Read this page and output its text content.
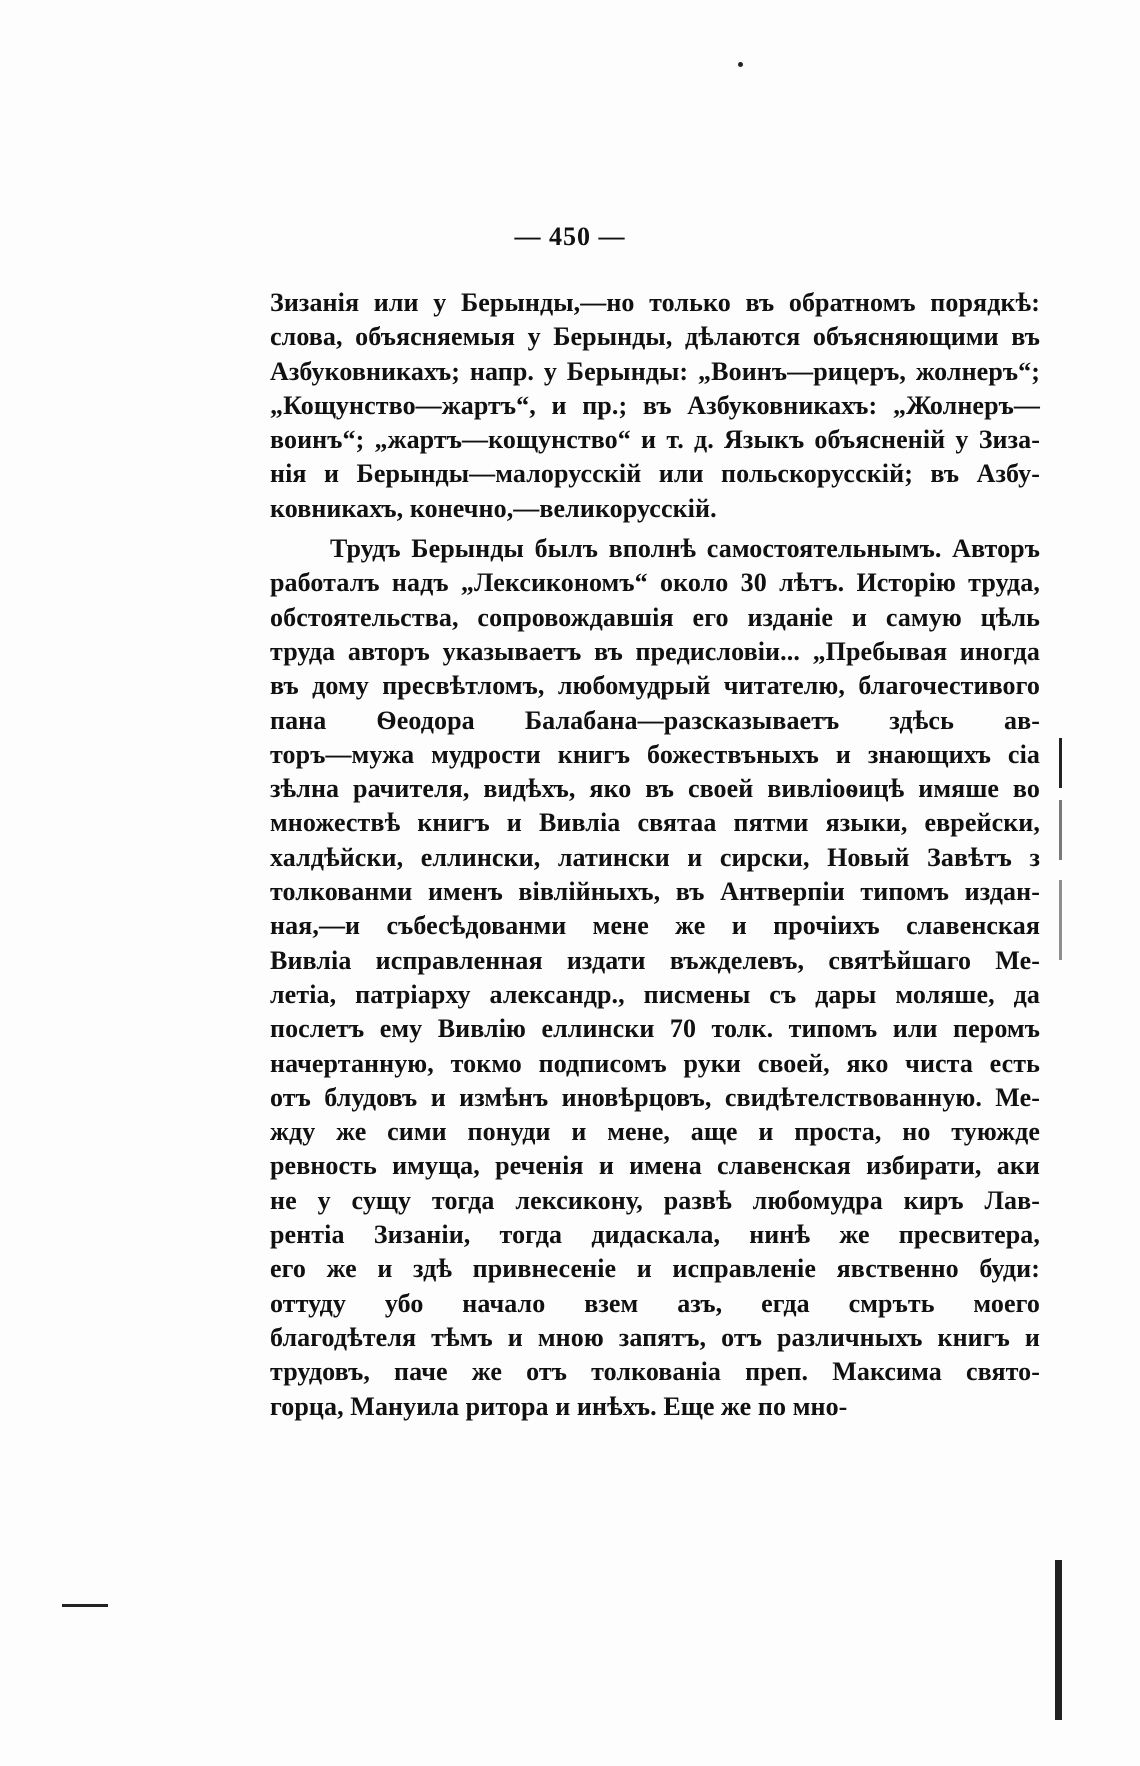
— 450 —
Зизанія или у Берынды,—но только въ обратномъ порядкѣ:
слова, объясняемыя у Берынды, дѣлаются объясняющими въ
Азбуковникахъ; напр. у Берынды: „Воинъ—рицеръ, жолнеръ“;
„Кощунство—жартъ“, и пр.; въ Азбуковникахъ: „Жолнеръ—
воинъ“; „жартъ—кощунство“ и т. д. Языкъ объясненій у Зиза-
нія и Берынды—малорусскій или польскорусскій; въ Азбу-
ковникахъ, конечно,—великорусскій.
Трудъ Берынды былъ вполнѣ самостоятельнымъ. Авторъ
работалъ надъ „Лексикономъ“ около 30 лѣтъ. Исторію труда,
обстоятельства, сопровождавшія его изданіе и самую цѣль
труда авторъ указываетъ въ предисловіи... „Пребывая иногда
въ дому пресвѣтломъ, любомудрый читателю, благочестивого
пана Ѳеодора Балабана—разсказываетъ здѣсь ав-
торъ—мужа мудрости книгъ божествъныхъ и знающихъ сіа
зѣлна рачителя, видѣхъ, яко въ своей вивліоѳицѣ имяше во
множествѣ книгъ и Вивліа святаа пятми языки, еврейски,
халдѣйски, еллински, латински и сирски, Новый Завѣтъ з
толкованми именъ вівлійныхъ, въ Антверпіи типомъ издан-
ная,—и събесѣдованми мене же и прочіихъ славенская
Вивліа исправленная издати въжделевъ, святѣйшаго Ме-
летіа, патріарху александр., писмены съ дары моляше, да
послетъ ему Вивлію еллински 70 толк. типомъ или перомъ
начертанную, токмо подписомъ руки своей, яко чиста есть
отъ блудовъ и измѣнъ иновѣрцовъ, свидѣтелствованную. Ме-
жду же сими понуди и мене, аще и проста, но туюжде
ревность имуща, реченія и имена славенская избирати, аки
не у сущу тогда лексикону, развѣ любомудра киръ Лав-
рентіа Зизаніи, тогда дидаскала, нинѣ же пресвитера,
его же и здѣ привнесеніе и исправленіе явственно буди:
оттуду убо начало взем азъ, егда смръть моего
благодѣтеля тѣмъ и мною запятъ, отъ различныхъ книгъ и
трудовъ, паче же отъ толкованіа преп. Максима свято-
горца, Мануила ритора и инѣхъ. Еще же по мно-
